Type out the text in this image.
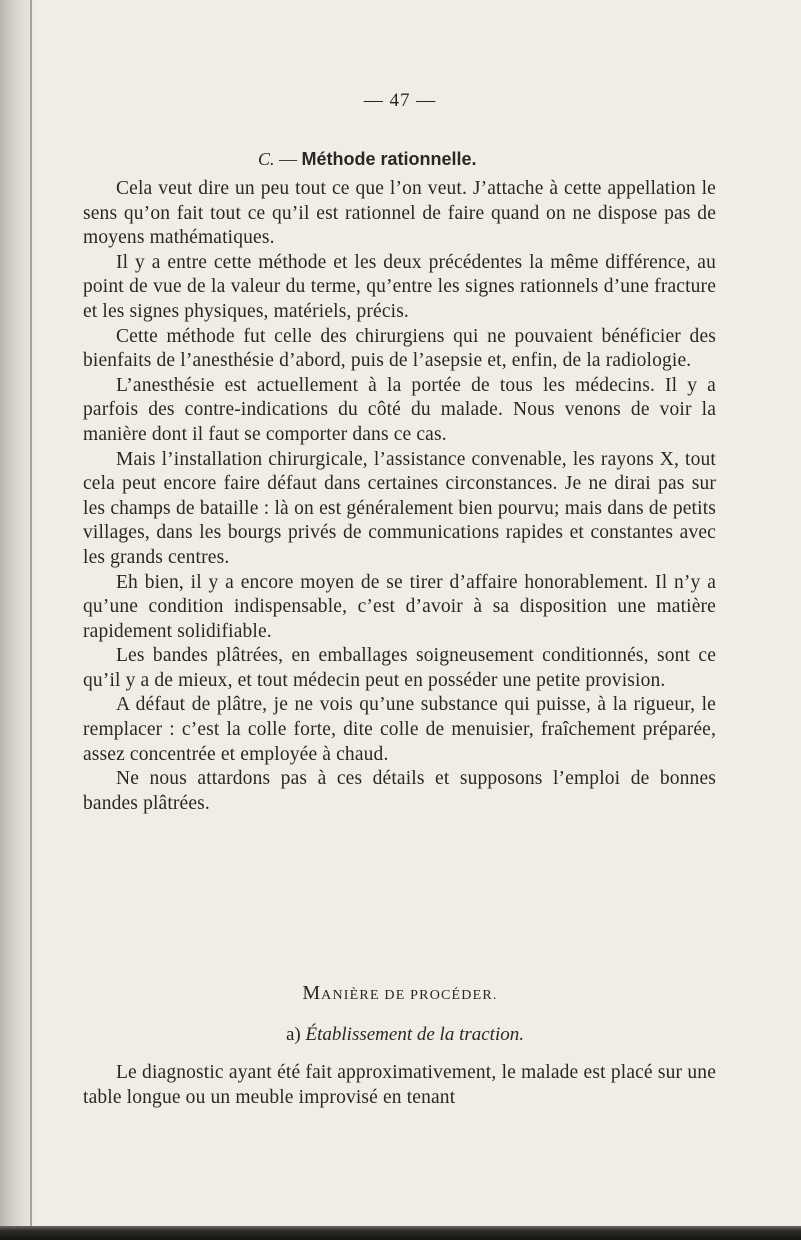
— 47 —
C. — Méthode rationnelle.

Cela veut dire un peu tout ce que l’on veut. J’attache à cette appellation le sens qu’on fait tout ce qu’il est rationnel de faire quand on ne dispose pas de moyens mathématiques.

Il y a entre cette méthode et les deux précédentes la même différence, au point de vue de la valeur du terme, qu’entre les signes rationnels d’une fracture et les signes physiques, matériels, précis.

Cette méthode fut celle des chirurgiens qui ne pouvaient bénéficier des bienfaits de l’anesthésie d’abord, puis de l’asepsie et, enfin, de la radiologie.

L’anesthésie est actuellement à la portée de tous les médecins. Il y a parfois des contre-indications du côté du malade. Nous venons de voir la manière dont il faut se comporter dans ce cas.

Mais l’installation chirurgicale, l’assistance convenable, les rayons X, tout cela peut encore faire défaut dans certaines circonstances. Je ne dirai pas sur les champs de bataille : là on est généralement bien pourvu; mais dans de petits villages, dans les bourgs privés de communications rapides et constantes avec les grands centres.

Eh bien, il y a encore moyen de se tirer d’affaire honorablement. Il n’y a qu’une condition indispensable, c’est d’avoir à sa disposition une matière rapidement solidifiable.

Les bandes plâtrées, en emballages soigneusement conditionnés, sont ce qu’il y a de mieux, et tout médecin peut en posséder une petite provision.

A défaut de plâtre, je ne vois qu’une substance qui puisse, à la rigueur, le remplacer : c’est la colle forte, dite colle de menuisier, fraîchement préparée, assez concentrée et employée à chaud.

Ne nous attardons pas à ces détails et supposons l’emploi de bonnes bandes plâtrées.

MANIÈRE DE PROCÉDER.
a) Établissement de la traction.

Le diagnostic ayant été fait approximativement, le malade est placé sur une table longue ou un meuble improvisé en tenant
